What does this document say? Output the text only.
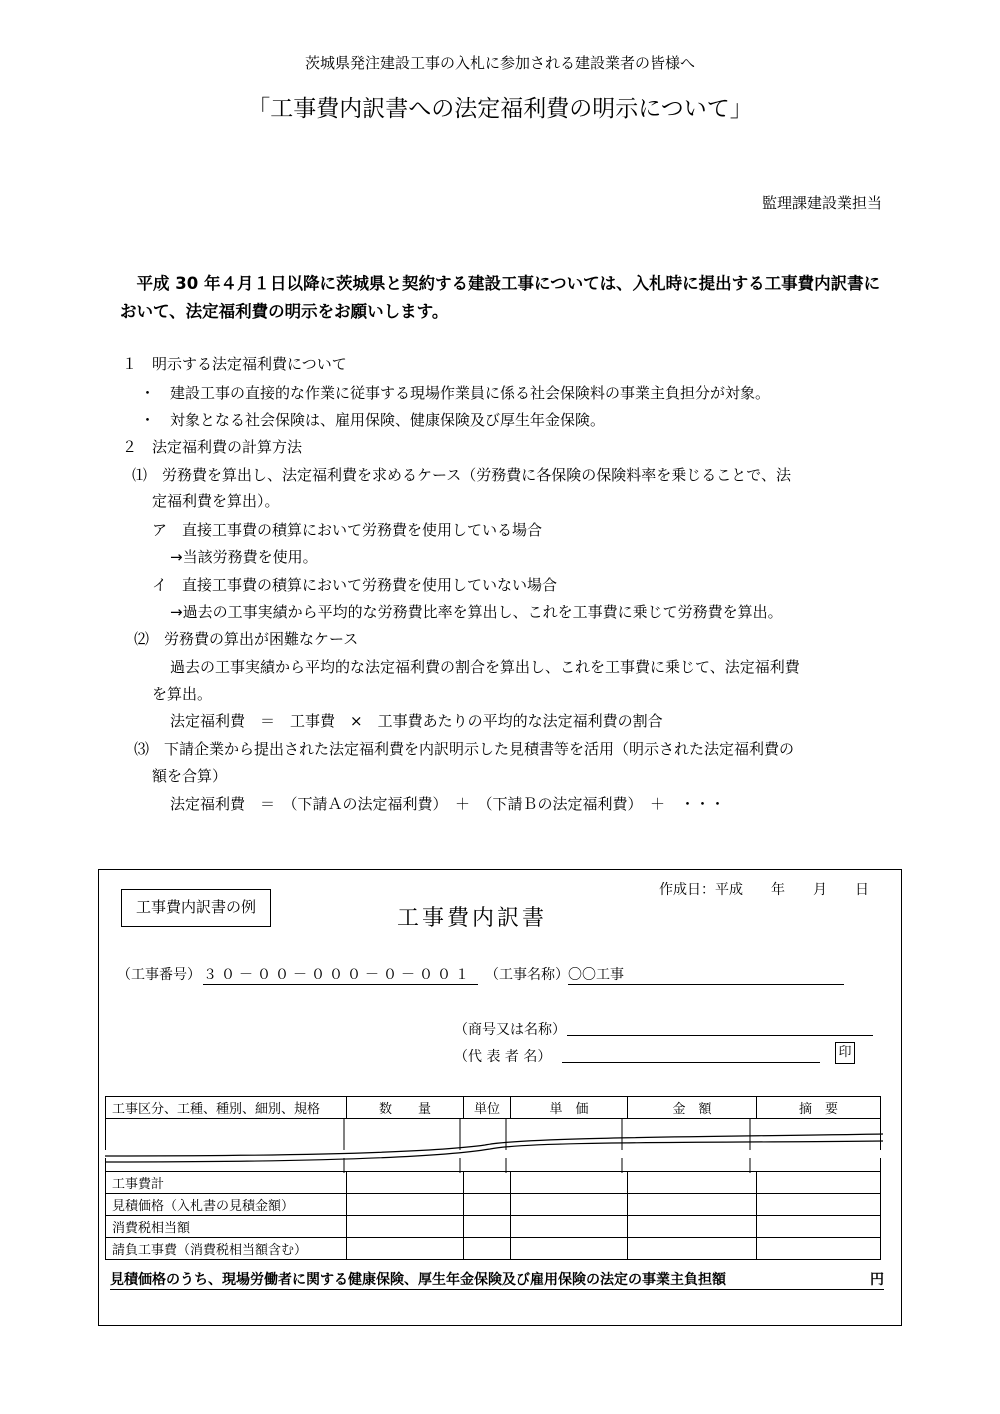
茨城県発注建設工事の入札に参加される建設業者の皆様へ
「工事費内訳書への法定福利費の明示について」
監理課建設業担当
平成 30 年４月１日以降に茨城県と契約する建設工事については、入札時に提出する工事費内訳書において、法定福利費の明示をお願いします。
１　明示する法定福利費について
・　建設工事の直接的な作業に従事する現場作業員に係る社会保険料の事業主負担分が対象。
・　対象となる社会保険は、雇用保険、健康保険及び厚生年金保険。
２　法定福利費の計算方法
⑴　労務費を算出し、法定福利費を求めるケース（労務費に各保険の保険料率を乗じることで、法
定福利費を算出）。
ア　直接工事費の積算において労務費を使用している場合
→当該労務費を使用。
イ　直接工事費の積算において労務費を使用していない場合
→過去の工事実績から平均的な労務費比率を算出し、これを工事費に乗じて労務費を算出。
⑵　労務費の算出が困難なケース
過去の工事実績から平均的な法定福利費の割合を算出し、これを工事費に乗じて、法定福利費
を算出。
法定福利費　＝　工事費　×　工事費あたりの平均的な法定福利費の割合
⑶　下請企業から提出された法定福利費を内訳明示した見積書等を活用（明示された法定福利費の
額を合算）
法定福利費　＝　（下請Ａの法定福利費）　＋　（下請Ｂの法定福利費）　＋　・・・
工事費内訳書の例	工事費内訳書
作成日：平成　　年　　月　　日
（工事番号） ３０－００－０００－０－００１ （工事名称） 〇〇工事
（商号又は名称）
（代 表 者 名）	印
工事区分、工種、種別、細別、規格	数　　量	単位	単　価	金　額	摘　要

工事費計					
見積価格（入札書の見積金額）					
消費税相当額					
請負工事費（消費税相当額含む）					
見積価格のうち、現場労働者に関する健康保険、厚生年金保険及び雇用保険の法定の事業主負担額	円
